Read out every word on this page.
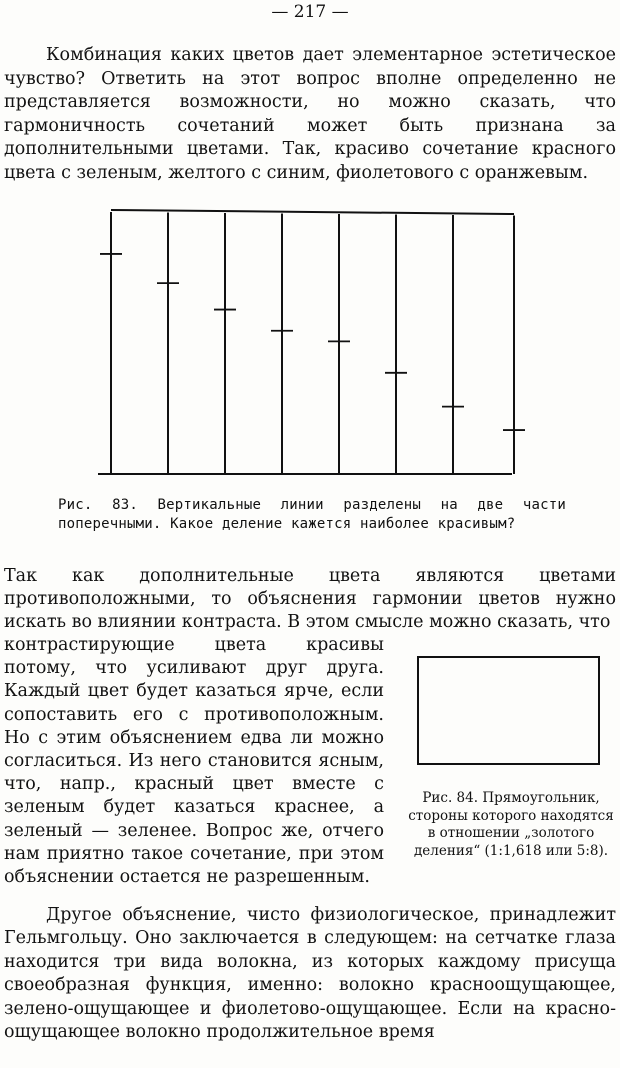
— 217 —

Комбинация каких цветов дает элементарное эстетическое чувство? Ответить на этот вопрос вполне определенно не представляется возможности, но можно сказать, что гармоничность сочетаний может быть признана за дополнительными цветами. Так, красиво сочетание красного цвета с зеленым, желтого с синим, фиолетового с оранжевым.

Рис. 83. Вертикальные линии разделены на две части поперечными. Какое деление кажется наиболее красивым?

Так как дополнительные цвета являются цветами противоположными, то объяснения гармонии цветов нужно искать во влиянии контраста. В этом смысле можно сказать, что

контрастирующие цвета красивы потому, что усиливают друг друга. Каждый цвет будет казаться ярче, если сопоставить его с противоположным. Но с этим объяснением едва ли можно согласиться. Из него становится ясным, что, напр., красный цвет вместе с зеленым будет казаться краснее, а зеленый — зеленее. Вопрос же, отчего нам приятно такое сочетание, при этом объяснении остается не разрешенным.

Рис. 84. Прямоугольник, стороны которого находятся в отношении „золотого деления“ (1:1,618 или 5:8).

Другое объяснение, чисто физиологическое, принадлежит Гельмгольцу. Оно заключается в следующем: на сетчатке глаза находится три вида волокна, из которых каждому присуща своеобразная функция, именно: волокно красноощущающее, зелено-ощущающее и фиолетово-ощущающее. Если на красно-ощущающее волокно продолжительное время
